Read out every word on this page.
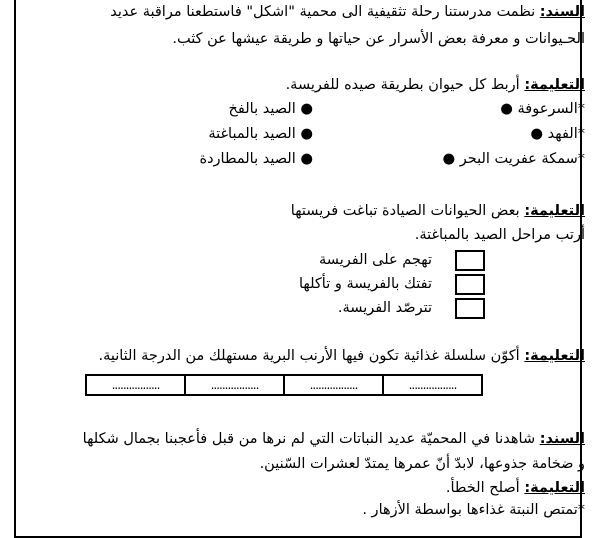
السند: نظمت مدرستنا رحلة تثقيفية الى محمية "اشكل" فاستطعنا مراقبة عديد
الحـيوانات و معرفة بعض الأسرار عن حياتها و طريقة عيشها عن كثب.
التعليمة: أربط كل حيوان بطريقة صيده للفريسة.
*السرعوفة ●
*الفهد ●
*سمكة عفريت البحر ●
● الصيد بالفخ
● الصيد بالمباغتة
● الصيد بالمطاردة
التعليمة: بعض الحيوانات الصيادة تباغت فريستها
أرتب مراحل الصيد بالمباغتة.
تهجم على الفريسة
تفتك بالفريسة و تأكلها
تترصّد الفريسة.
التعليمة: أكوّن سلسلة غذائية تكون فيها الأرنب البرية مستهلك من الدرجة الثانية.
.................	.................	.................	.................
السند: شاهدنا في المحميّة عديد النباتات التي لم نرها من قبل فأعجبنا بجمال شكلها
و ضخامة جذوعها، لابدّ أنّ عمرها يمتدّ لعشرات السّنين.
التعليمة: أصلح الخطأ.
*تمتص النبتة غذاءها بواسطة الأزهار .
